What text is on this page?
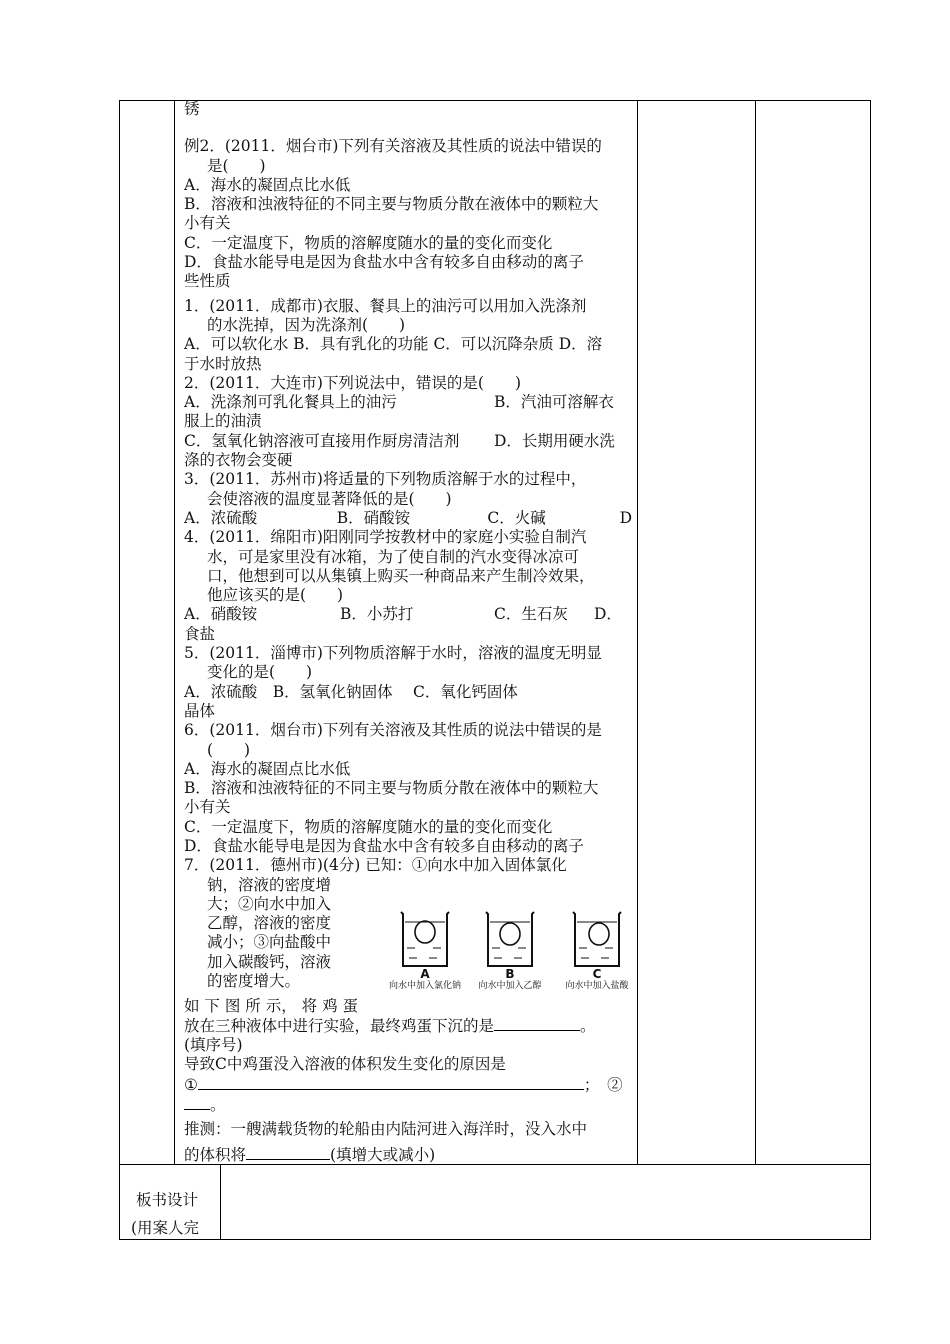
锈

例2．(2011．烟台市)下列有关溶液及其性质的说法中错误的

是(　　)

A．海水的凝固点比水低

B．溶液和浊液特征的不同主要与物质分散在液体中的颗粒大

小有关

C．一定温度下，物质的溶解度随水的量的变化而变化

D．食盐水能导电是因为食盐水中含有较多自由移动的离子

些性质

1．(2011．成都市)衣服、餐具上的油污可以用加入洗涤剂

的水洗掉，因为洗涤剂(　　)

A．可以软化水 B．具有乳化的功能 C．可以沉降杂质 D．溶

于水时放热

2．(2011．大连市)下列说法中，错误的是(　　)

A．洗涤剂可乳化餐具上的油污	B．汽油可溶解衣

服上的油渍

C．氢氧化钠溶液可直接用作厨房清洁剂	D．长期用硬水洗

涤的衣物会变硬

3．(2011．苏州市)将适量的下列物质溶解于水的过程中，

会使溶液的温度显著降低的是(　　)

A．浓硫酸	B．硝酸铵	C．火碱	D

4．(2011．绵阳市)阳刚同学按教材中的家庭小实验自制汽

水，可是家里没有冰箱，为了使自制的汽水变得冰凉可

口，他想到可以从集镇上购买一种商品来产生制冷效果，

他应该买的是(　　)

A．硝酸铵	B．小苏打	C．生石灰	D．

食盐

5．(2011．淄博市)下列物质溶解于水时，溶液的温度无明显

变化的是(　　)

A．浓硫酸　B．氢氧化钠固体　 C．氧化钙固体

晶体

6．(2011．烟台市)下列有关溶液及其性质的说法中错误的是

(　　)

A．海水的凝固点比水低

B．溶液和浊液特征的不同主要与物质分散在液体中的颗粒大

小有关

C．一定温度下，物质的溶解度随水的量的变化而变化

D．食盐水能导电是因为食盐水中含有较多自由移动的离子

7．(2011．德州市)(4分) 已知：①向水中加入固体氯化

钠，溶液的密度增

大；②向水中加入

乙醇，溶液的密度

减小；③向盐酸中

加入碳酸钙，溶液

的密度增大。	A
向水中加入氯化钠
B
向水中加入乙醇
C
向水中加入盐酸

如 下 图 所 示， 将 鸡 蛋

放在三种液体中进行实验，最终鸡蛋下沉的是	。

(填序号)

导致C中鸡蛋没入溶液的体积发生变化的原因是

①	；　②

。

推测：一艘满载货物的轮船由内陆河进入海洋时，没入水中

的体积将	(填增大或减小)

板书设计
(用案人完
